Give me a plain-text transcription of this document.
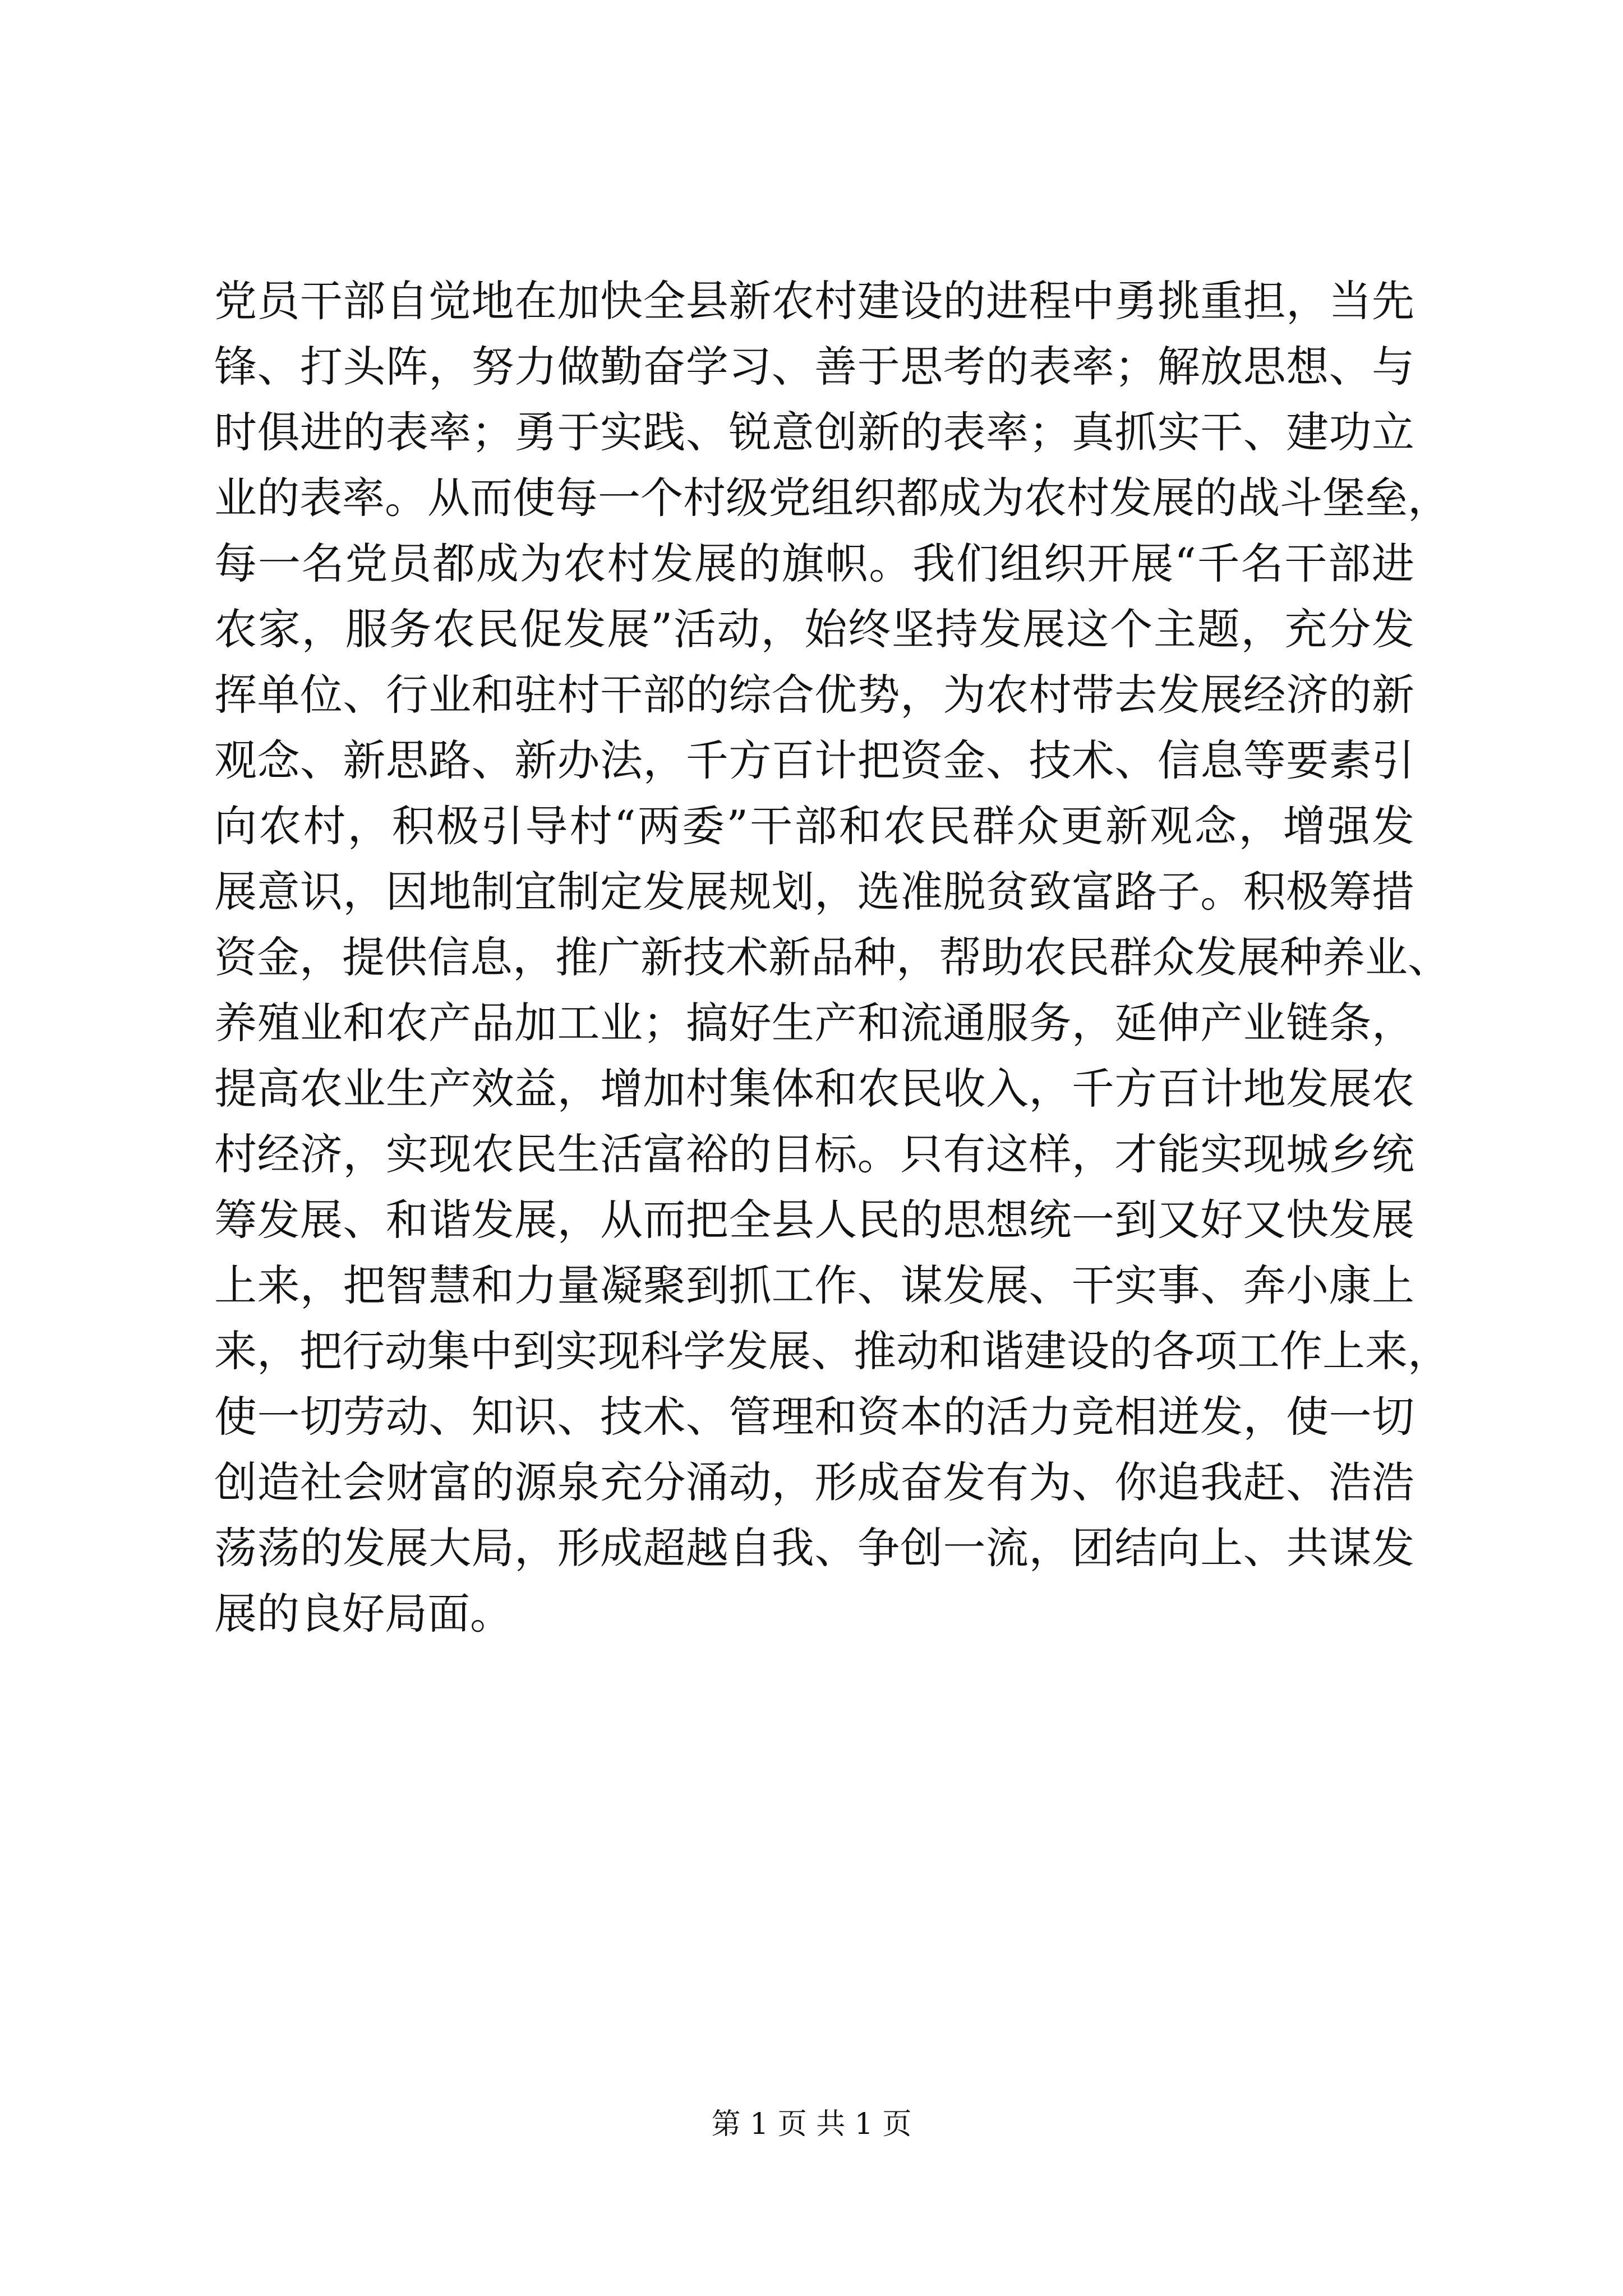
党员干部自觉地在加快全县新农村建设的进程中勇挑重担，当先
锋、打头阵，努力做勤奋学习、善于思考的表率；解放思想、与
时俱进的表率；勇于实践、锐意创新的表率；真抓实干、建功立
业的表率。从而使每一个村级党组织都成为农村发展的战斗堡垒，
每一名党员都成为农村发展的旗帜。我们组织开展“千名干部进
农家，服务农民促发展”活动，始终坚持发展这个主题，充分发
挥单位、行业和驻村干部的综合优势，为农村带去发展经济的新
观念、新思路、新办法，千方百计把资金、技术、信息等要素引
向农村，积极引导村“两委”干部和农民群众更新观念，增强发
展意识，因地制宜制定发展规划，选准脱贫致富路子。积极筹措
资金，提供信息，推广新技术新品种，帮助农民群众发展种养业、
养殖业和农产品加工业；搞好生产和流通服务，延伸产业链条，
提高农业生产效益，增加村集体和农民收入，千方百计地发展农
村经济，实现农民生活富裕的目标。只有这样，才能实现城乡统
筹发展、和谐发展，从而把全县人民的思想统一到又好又快发展
上来，把智慧和力量凝聚到抓工作、谋发展、干实事、奔小康上
来，把行动集中到实现科学发展、推动和谐建设的各项工作上来，
使一切劳动、知识、技术、管理和资本的活力竞相迸发，使一切
创造社会财富的源泉充分涌动，形成奋发有为、你追我赶、浩浩
荡荡的发展大局，形成超越自我、争创一流，团结向上、共谋发
展的良好局面。
第 1 页 共 1 页
